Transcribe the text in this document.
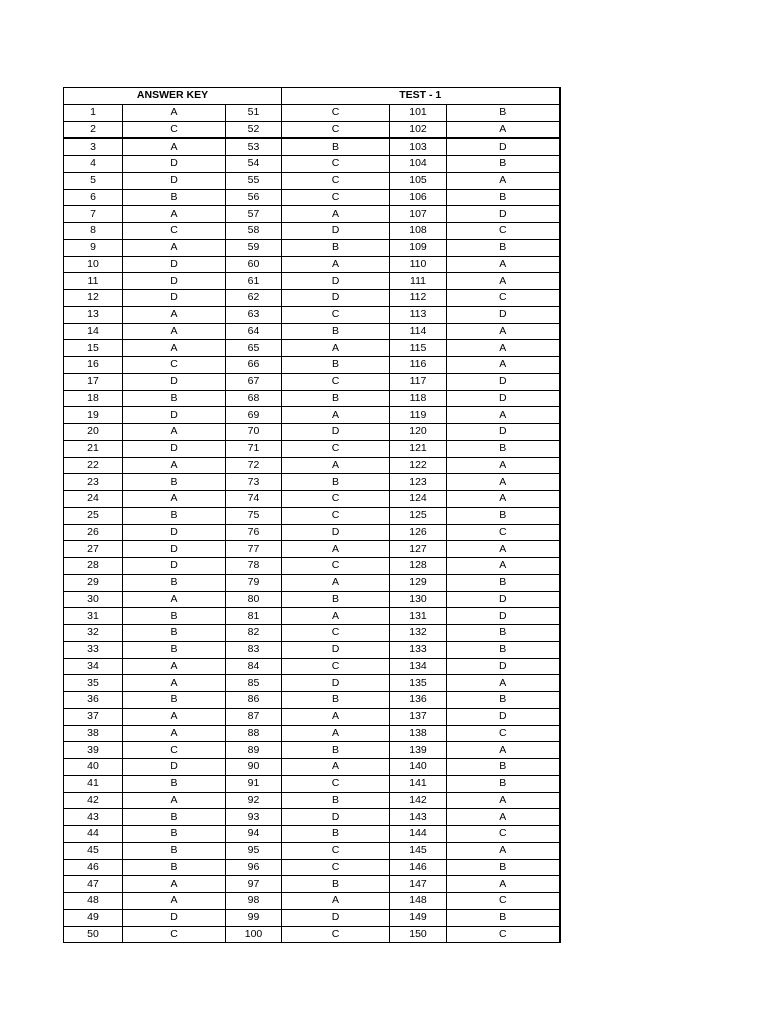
ANSWER KEY			TEST - 1		
1	A	51	C	101	B
2	C	52	C	102	A
3	A	53	B	103	D
4	D	54	C	104	B
5	D	55	C	105	A
6	B	56	C	106	B
7	A	57	A	107	D
8	C	58	D	108	C
9	A	59	B	109	B
10	D	60	A	110	A
11	D	61	D	111	A
12	D	62	D	112	C
13	A	63	C	113	D
14	A	64	B	114	A
15	A	65	A	115	A
16	C	66	B	116	A
17	D	67	C	117	D
18	B	68	B	118	D
19	D	69	A	119	A
20	A	70	D	120	D
21	D	71	C	121	B
22	A	72	A	122	A
23	B	73	B	123	A
24	A	74	C	124	A
25	B	75	C	125	B
26	D	76	D	126	C
27	D	77	A	127	A
28	D	78	C	128	A
29	B	79	A	129	B
30	A	80	B	130	D
31	B	81	A	131	D
32	B	82	C	132	B
33	B	83	D	133	B
34	A	84	C	134	D
35	A	85	D	135	A
36	B	86	B	136	B
37	A	87	A	137	D
38	A	88	A	138	C
39	C	89	B	139	A
40	D	90	A	140	B
41	B	91	C	141	B
42	A	92	B	142	A
43	B	93	D	143	A
44	B	94	B	144	C
45	B	95	C	145	A
46	B	96	C	146	B
47	A	97	B	147	A
48	A	98	A	148	C
49	D	99	D	149	B
50	C	100	C	150	C
